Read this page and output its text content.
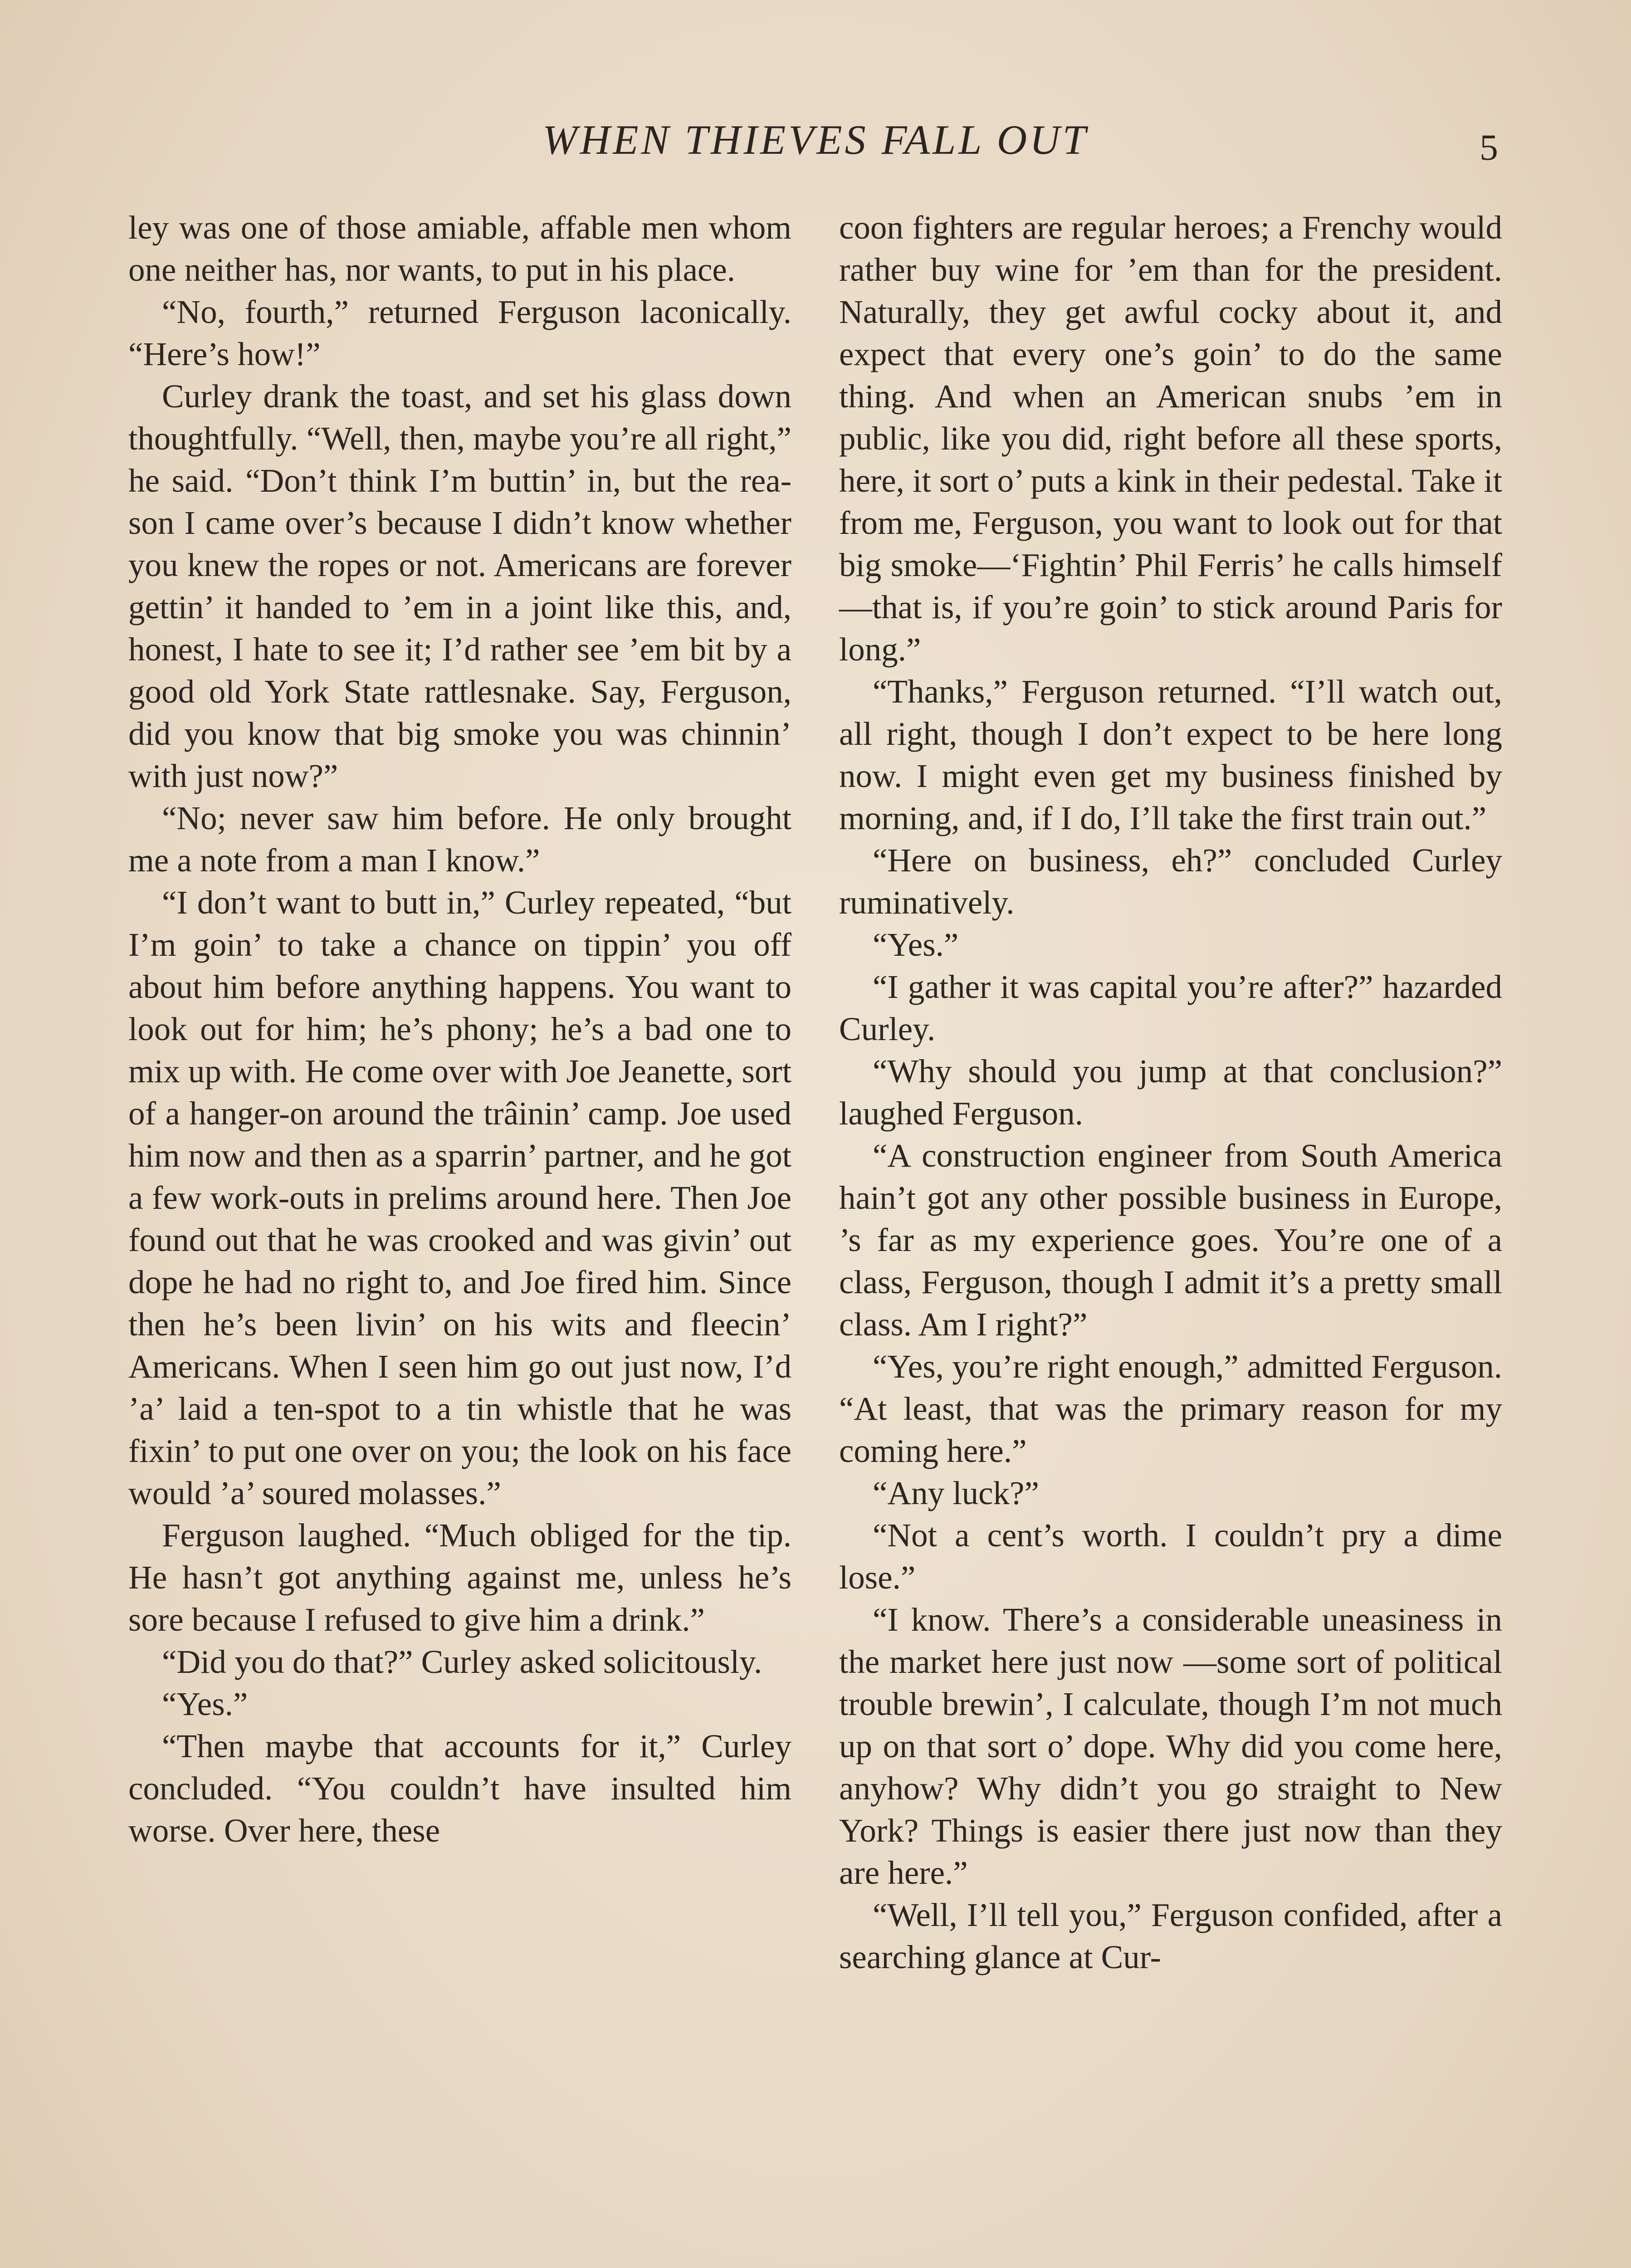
WHEN THIEVES FALL OUT	5

ley was one of those amiable, affable men whom one neither has, nor wants, to put in his place.

“No, fourth,” returned Ferguson laconically. “Here’s how!”

Curley drank the toast, and set his glass down thoughtfully. “Well, then, maybe you’re all right,” he said. “Don’t think I’m buttin’ in, but the reason I came over’s because I didn’t know whether you knew the ropes or not. Americans are forever gettin’ it handed to ’em in a joint like this, and, honest, I hate to see it; I’d rather see ’em bit by a good old York State rattlesnake. Say, Ferguson, did you know that big smoke you was chinnin’ with just now?”

“No; never saw him before. He only brought me a note from a man I know.”

“I don’t want to butt in,” Curley repeated, “but I’m goin’ to take a chance on tippin’ you off about him before anything happens. You want to look out for him; he’s phony; he’s a bad one to mix up with. He come over with Joe Jeanette, sort of a hanger-on around the trâinin’ camp. Joe used him now and then as a sparrin’ partner, and he got a few work-outs in prelims around here. Then Joe found out that he was crooked and was givin’ out dope he had no right to, and Joe fired him. Since then he’s been livin’ on his wits and fleecin’ Americans. When I seen him go out just now, I’d ’a’ laid a ten-spot to a tin whistle that he was fixin’ to put one over on you; the look on his face would ’a’ soured molasses.”

Ferguson laughed. “Much obliged for the tip. He hasn’t got anything against me, unless he’s sore because I refused to give him a drink.”

“Did you do that?” Curley asked solicitously.

“Yes.”

“Then maybe that accounts for it,” Curley concluded. “You couldn’t have insulted him worse. Over here, these

coon fighters are regular heroes; a Frenchy would rather buy wine for ’em than for the president. Naturally, they get awful cocky about it, and expect that every one’s goin’ to do the same thing. And when an American snubs ’em in public, like you did, right before all these sports, here, it sort o’ puts a kink in their pedestal. Take it from me, Ferguson, you want to look out for that big smoke—‘Fightin’ Phil Ferris’ he calls himself—that is, if you’re goin’ to stick around Paris for long.”

“Thanks,” Ferguson returned. “I’ll watch out, all right, though I don’t expect to be here long now. I might even get my business finished by morning, and, if I do, I’ll take the first train out.”

“Here on business, eh?” concluded Curley ruminatively.

“Yes.”

“I gather it was capital you’re after?” hazarded Curley.

“Why should you jump at that conclusion?” laughed Ferguson.

“A construction engineer from South America hain’t got any other possible business in Europe, ’s far as my experience goes. You’re one of a class, Ferguson, though I admit it’s a pretty small class. Am I right?”

“Yes, you’re right enough,” admitted Ferguson. “At least, that was the primary reason for my coming here.”

“Any luck?”

“Not a cent’s worth. I couldn’t pry a dime lose.”

“I know. There’s a considerable uneasiness in the market here just now —some sort of political trouble brewin’, I calculate, though I’m not much up on that sort o’ dope. Why did you come here, anyhow? Why didn’t you go straight to New York? Things is easier there just now than they are here.”

“Well, I’ll tell you,” Ferguson confided, after a searching glance at Cur-
